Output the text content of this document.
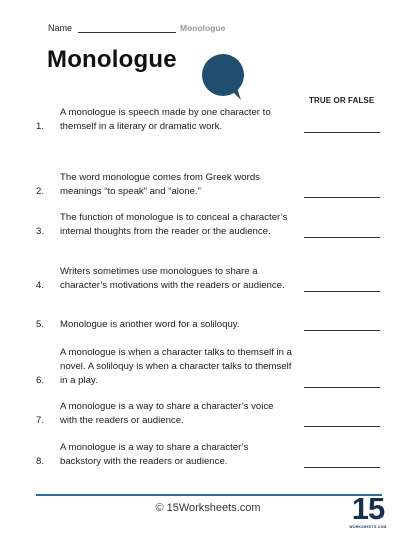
Name	Monologue
Monologue
TRUE OR FALSE
A monologue is speech made by one character to themself in a literary or dramatic work.
1.
The word monologue comes from Greek words meanings “to speak” and “alone.”
2.
The function of monologue is to conceal a character’s internal thoughts from the reader or the audience.
3.
Writers sometimes use monologues to share a character’s motivations with the readers or audience.
4.
Monologue is another word for a soliloquy.
5.
A monologue is when a character talks to themself in a novel. A soliloquy is when a character talks to themself in a play.
6.
A monologue is a way to share a character’s voice with the readers or audience.
7.
A monologue is a way to share a character’s backstory with the readers or audience.
8.
© 15Worksheets.com	15
WORKSHEETS.COM
